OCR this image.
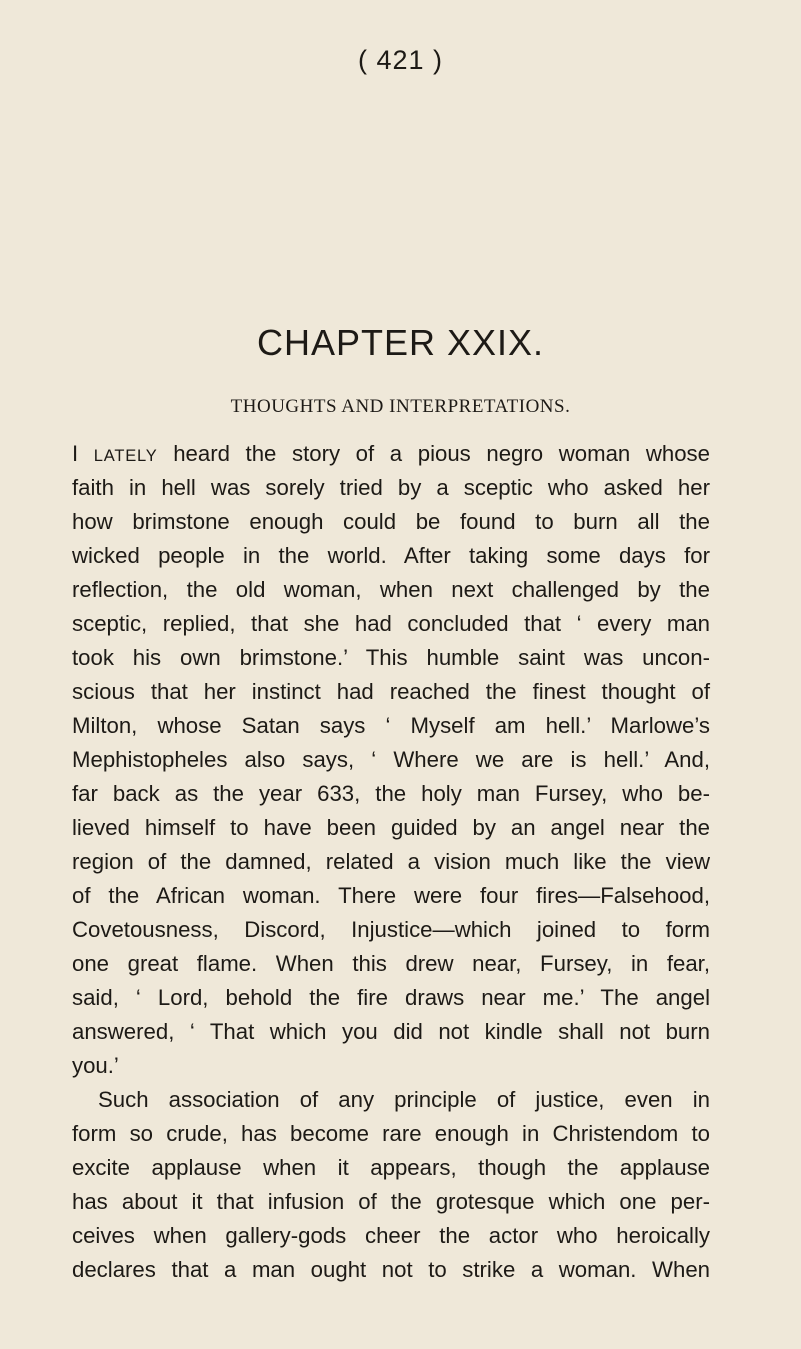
( 421 )
CHAPTER XXIX.
THOUGHTS AND INTERPRETATIONS.
I LATELY heard the story of a pious negro woman whose
faith in hell was sorely tried by a sceptic who asked her
how brimstone enough could be found to burn all the
wicked people in the world. After taking some days for
reflection, the old woman, when next challenged by the
sceptic, replied, that she had concluded that ‘ every man
took his own brimstone.’ This humble saint was uncon-
scious that her instinct had reached the finest thought of
Milton, whose Satan says ‘ Myself am hell.’ Marlowe’s
Mephistopheles also says, ‘ Where we are is hell.’ And,
far back as the year 633, the holy man Fursey, who be-
lieved himself to have been guided by an angel near the
region of the damned, related a vision much like the view
of the African woman. There were four fires—Falsehood,
Covetousness, Discord, Injustice—which joined to form
one great flame. When this drew near, Fursey, in fear,
said, ‘ Lord, behold the fire draws near me.’ The angel
answered, ‘ That which you did not kindle shall not burn
you.’
Such association of any principle of justice, even in
form so crude, has become rare enough in Christendom to
excite applause when it appears, though the applause
has about it that infusion of the grotesque which one per-
ceives when gallery-gods cheer the actor who heroically
declares that a man ought not to strike a woman. When
